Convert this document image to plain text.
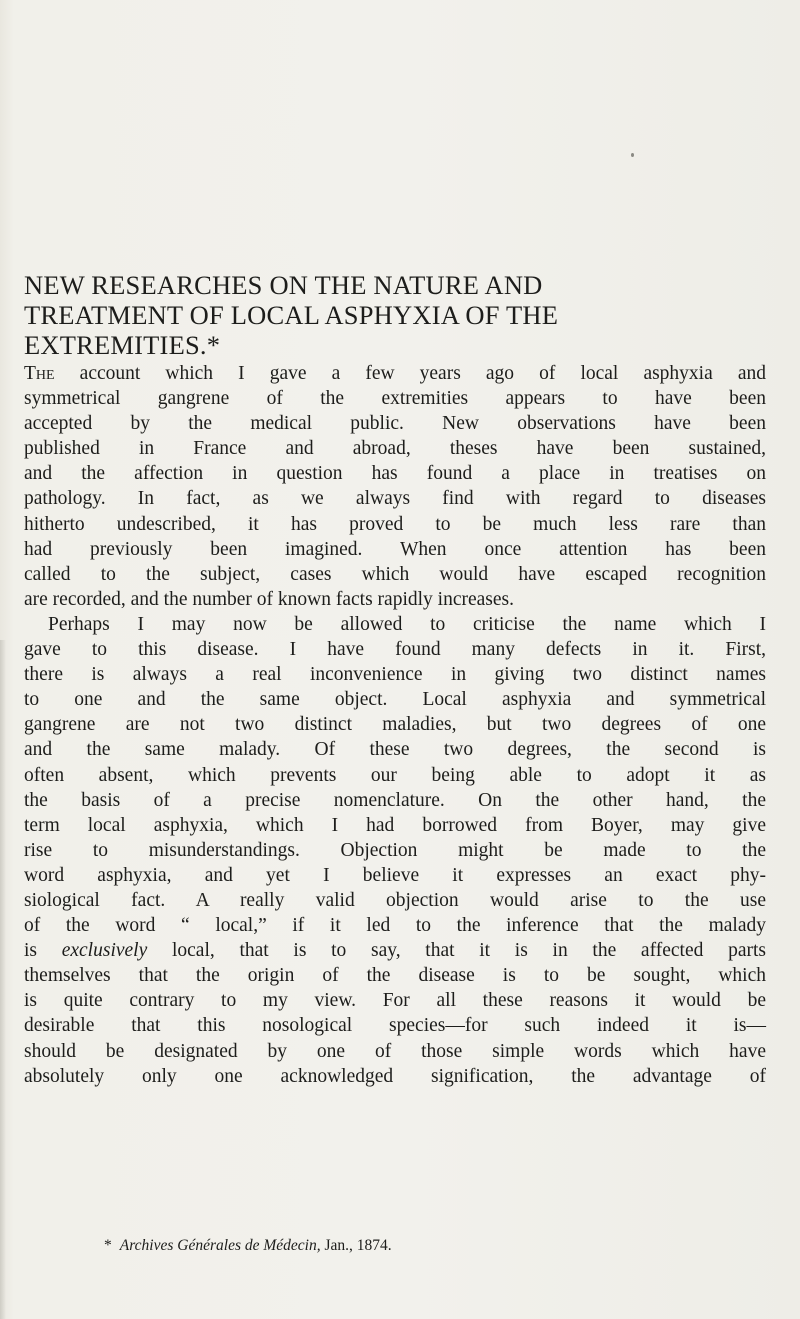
NEW RESEARCHES ON THE NATURE AND
TREATMENT OF LOCAL ASPHYXIA OF THE
EXTREMITIES.*
The account which I gave a few years ago of local asphyxia and
symmetrical gangrene of the extremities appears to have been
accepted by the medical public. New observations have been
published in France and abroad, theses have been sustained,
and the affection in question has found a place in treatises on
pathology. In fact, as we always find with regard to diseases
hitherto undescribed, it has proved to be much less rare than
had previously been imagined. When once attention has been
called to the subject, cases which would have escaped recognition
are recorded, and the number of known facts rapidly increases.
Perhaps I may now be allowed to criticise the name which I
gave to this disease. I have found many defects in it. First,
there is always a real inconvenience in giving two distinct names
to one and the same object. Local asphyxia and symmetrical
gangrene are not two distinct maladies, but two degrees of one
and the same malady. Of these two degrees, the second is
often absent, which prevents our being able to adopt it as
the basis of a precise nomenclature. On the other hand, the
term local asphyxia, which I had borrowed from Boyer, may give
rise to misunderstandings. Objection might be made to the
word asphyxia, and yet I believe it expresses an exact phy-
siological fact. A really valid objection would arise to the use
of the word “ local,” if it led to the inference that the malady
is exclusively local, that is to say, that it is in the affected parts
themselves that the origin of the disease is to be sought, which
is quite contrary to my view. For all these reasons it would be
desirable that this nosological species—for such indeed it is—
should be designated by one of those simple words which have
absolutely only one acknowledged signification, the advantage of
* Archives Générales de Médecin, Jan., 1874.
